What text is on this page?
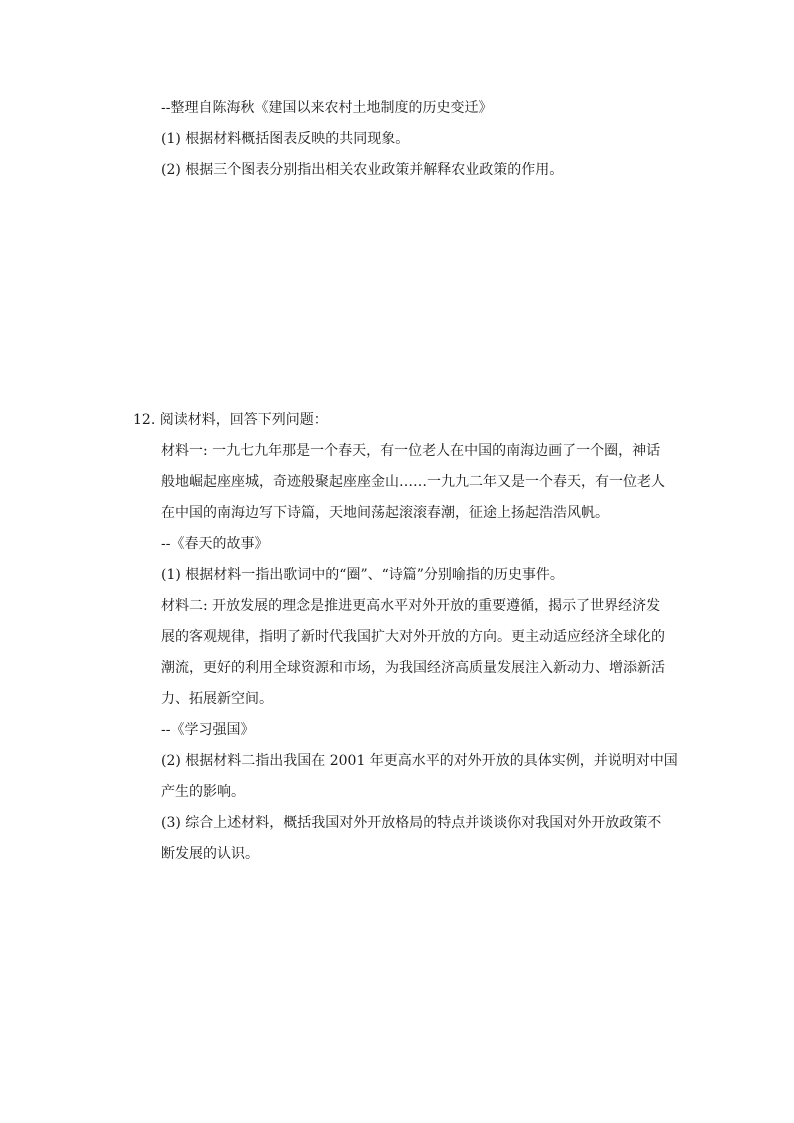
--整理自陈海秋《建国以来农村土地制度的历史变迁》
(1) 根据材料概括图表反映的共同现象。
(2) 根据三个图表分别指出相关农业政策并解释农业政策的作用。
12. 阅读材料，回答下列问题：
材料一: 一九七九年那是一个春天，有一位老人在中国的南海边画了一个圈，神话
般地崛起座座城，奇迹般聚起座座金山……一九九二年又是一个春天，有一位老人
在中国的南海边写下诗篇，天地间荡起滚滚春潮，征途上扬起浩浩风帆。
--《春天的故事》
(1) 根据材料一指出歌词中的“圈”、“诗篇”分别喻指的历史事件。
材料二: 开放发展的理念是推进更高水平对外开放的重要遵循，揭示了世界经济发
展的客观规律，指明了新时代我国扩大对外开放的方向。更主动适应经济全球化的
潮流，更好的利用全球资源和市场，为我国经济高质量发展注入新动力、增添新活
力、拓展新空间。
--《学习强国》
(2) 根据材料二指出我国在 2001 年更高水平的对外开放的具体实例，并说明对中国
产生的影响。
(3) 综合上述材料，概括我国对外开放格局的特点并谈谈你对我国对外开放政策不
断发展的认识。
